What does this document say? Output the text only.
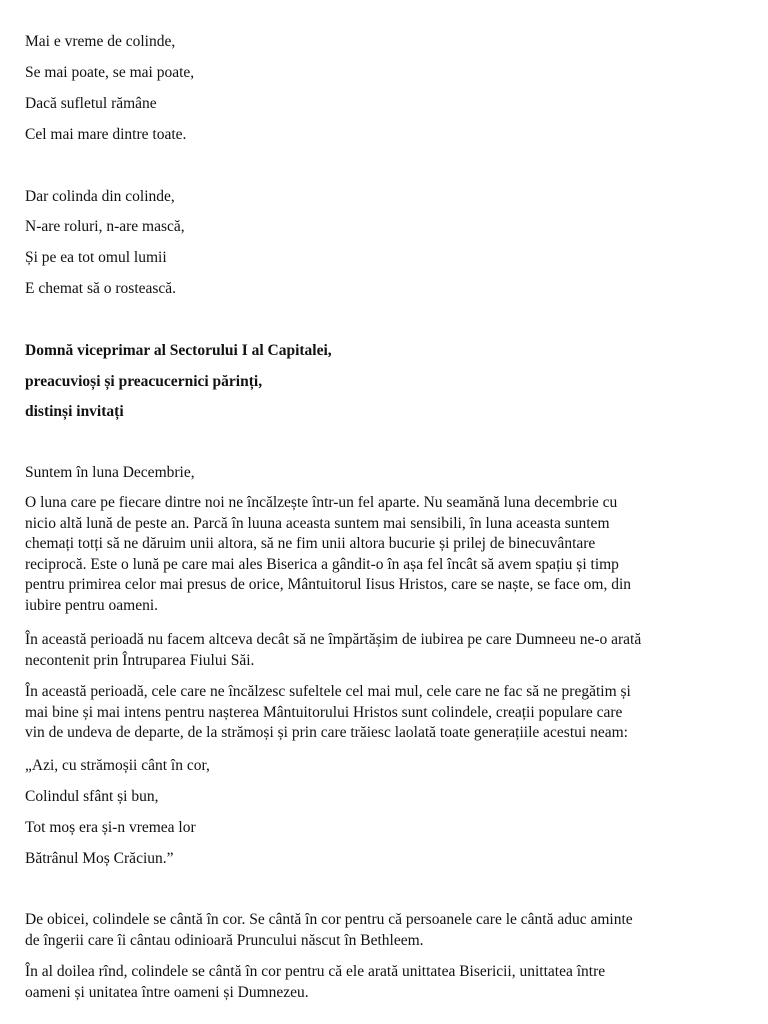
Mai e vreme de colinde,
Se mai poate, se mai poate,
Dacă sufletul rămâne
Cel mai mare dintre toate.
Dar colinda din colinde,
N-are roluri, n-are mască,
Și pe ea tot omul lumii
E chemat să o rostească.
Domnă viceprimar al Sectorului I al Capitalei,
preacuvioși și preacucernici părinți,
distinși invitați
Suntem în luna Decembrie,
O luna care pe fiecare dintre noi ne încălzește într-un fel aparte. Nu seamănă luna decembrie cu
nicio altă lună de peste an. Parcă în luuna aceasta suntem mai sensibili, în luna aceasta suntem
chemați totți să ne dăruim unii altora, să ne fim unii altora bucurie și prilej de binecuvântare
reciprocă. Este o lună pe care mai ales Biserica a gândit-o în așa fel încât să avem spațiu și timp
pentru primirea celor mai presus de orice, Mântuitorul Iisus Hristos, care se naște, se face om, din
iubire pentru oameni.
În această perioadă nu facem altceva decât să ne împărtășim de iubirea pe care Dumneeu ne-o arată
necontenit prin Întruparea Fiului Săi.
În această perioadă, cele care ne încălzesc sufeltele cel mai mul, cele care ne fac să ne pregătim și
mai bine și mai intens pentru nașterea Mântuitorului Hristos sunt colindele, creații populare care
vin de undeva de departe, de la strămoși și prin care trăiesc laolată toate generațiile acestui neam:
„Azi, cu strămoșii cânt în cor,
Colindul sfânt și bun,
Tot moș era și-n vremea lor
Bătrânul Moș Crăciun.”
De obicei, colindele se cântă în cor. Se cântă în cor pentru că persoanele care le cântă aduc aminte
de îngerii care îi cântau odinioară Pruncului născut în Bethleem.
În al doilea rînd, colindele se cântă în cor pentru că ele arată unittatea Bisericii, unittatea între
oameni și unitatea între oameni și Dumnezeu.
